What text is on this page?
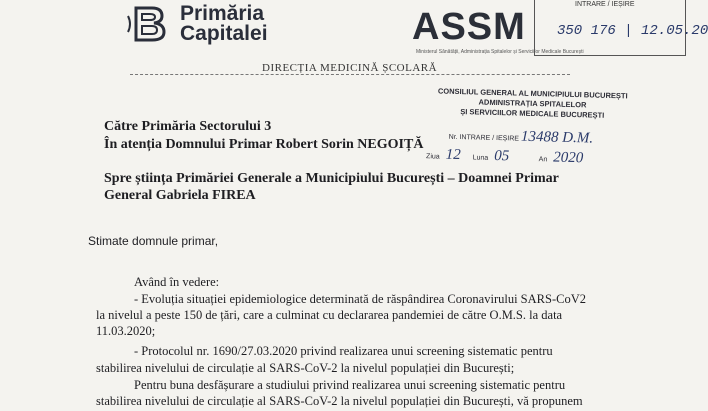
Primăria
Capitalei	ASSM
Ministerul Sănătății, Administrația Spitalelor și Serviciilor Medicale București
INTRARE / IEȘIRE
350 176 | 12.05.20
DIRECȚIA MEDICINĂ ȘCOLARĂ
CONSILIUL GENERAL AL MUNICIPIULUI BUCUREȘTI
ADMINISTRAȚIA SPITALELOR
ȘI SERVICIILOR MEDICALE BUCUREȘTI
Nr. INTRARE / IEȘIRE 13488 D.M.
Ziua 12 Luna 05	An 2020
Către Primăria Sectorului 3
În atenția Domnului Primar Robert Sorin NEGOIȚĂ
Spre știința Primăriei Generale a Municipiului București – Doamnei Primar
General Gabriela FIREA
Stimate domnule primar,
Având în vedere:
- Evoluția situației epidemiologice determinată de răspândirea Coronavirului SARS-CoV2
la nivelul a peste 150 de țări, care a culminat cu declararea pandemiei de către O.M.S. la data
11.03.2020;
- Protocolul nr. 1690/27.03.2020 privind realizarea unui screening sistematic pentru
stabilirea nivelului de circulație al SARS-CoV-2 la nivelul populației din București;
Pentru buna desfășurare a studiului privind realizarea unui screening sistematic pentru
stabilirea nivelului de circulație al SARS-CoV-2 la nivelul populației din București, vă propunem
